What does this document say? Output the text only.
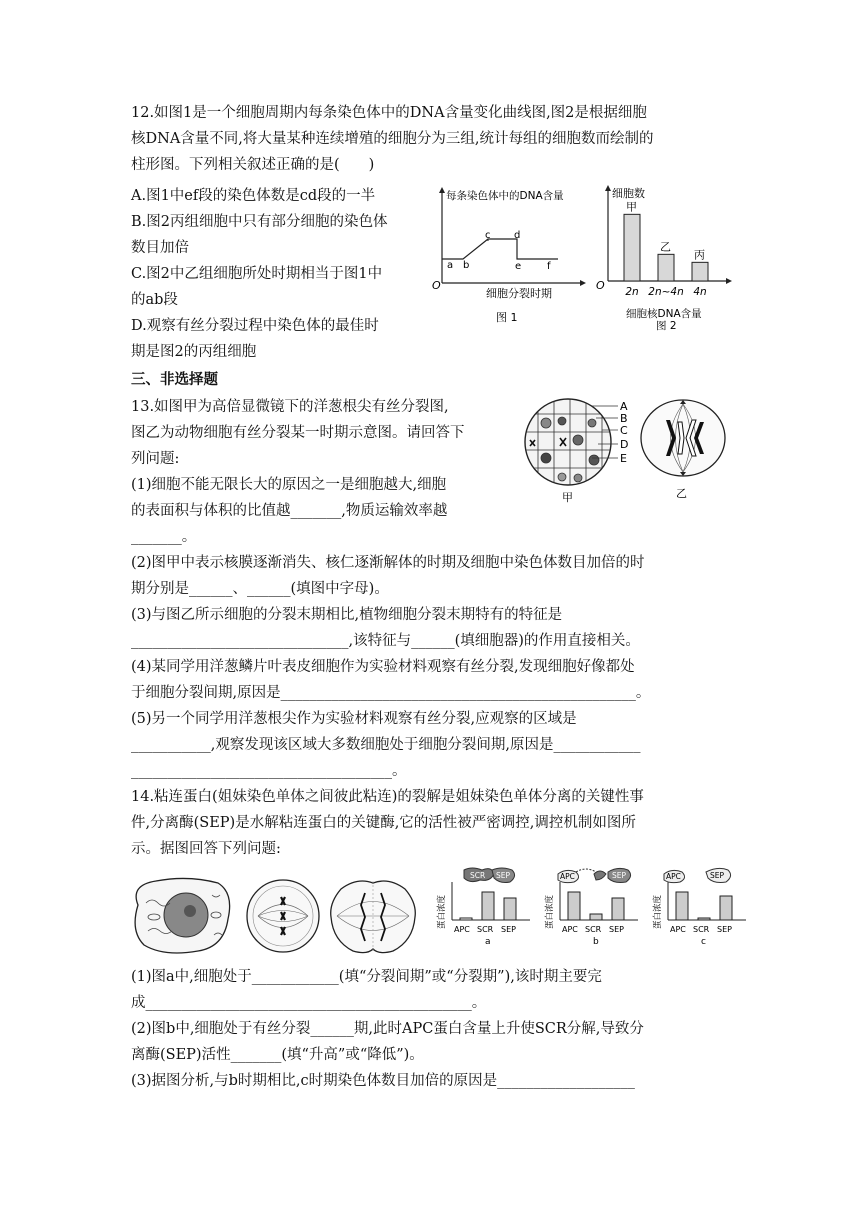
12.如图1是一个细胞周期内每条染色体中的DNA含量变化曲线图,图2是根据细胞
核DNA含量不同,将大量某种连续增殖的细胞分为三组,统计每组的细胞数而绘制的
柱形图。下列相关叙述正确的是(　　)
A.图1中ef段的染色体数是cd段的一半
B.图2丙组细胞中只有部分细胞的染色体
数目加倍
C.图2中乙组细胞所处时期相当于图1中
的ab段
D.观察有丝分裂过程中染色体的最佳时
期是图2的丙组细胞
每条染色体中的DNA含量
O
a b
c d
e	f
细胞分裂时期
图 1
细胞数
O
甲
2n
乙
2n~4n
丙
4n
细胞核DNA含量
图 2
三、非选择题
13.如图甲为高倍显微镜下的洋葱根尖有丝分裂图,
图乙为动物细胞有丝分裂某一时期示意图。请回答下
列问题:
(1)细胞不能无限长大的原因之一是细胞越大,细胞
的表面积与体积的比值越_______,物质运输效率越
_______。
A
B
C
D
E
甲	乙
(2)图甲中表示核膜逐渐消失、核仁逐渐解体的时期及细胞中染色体数目加倍的时
期分别是______、______(填图中字母)。
(3)与图乙所示细胞的分裂末期相比,植物细胞分裂末期特有的特征是
______________________________,该特征与______(填细胞器)的作用直接相关。
(4)某同学用洋葱鳞片叶表皮细胞作为实验材料观察有丝分裂,发现细胞好像都处
于细胞分裂间期,原因是_________________________________________________。
(5)另一个同学用洋葱根尖作为实验材料观察有丝分裂,应观察的区域是
___________,观察发现该区域大多数细胞处于细胞分裂间期,原因是____________
____________________________________。
14.粘连蛋白(姐妹染色单体之间彼此粘连)的裂解是姐妹染色单体分离的关键性事
件,分离酶(SEP)是水解粘连蛋白的关键酶,它的活性被严密调控,调控机制如图所
示。据图回答下列问题:
蛋白浓度
SCR SEP
APC SCR SEP
a
蛋白浓度
APC	SEP
APC SCR SEP
b
蛋白浓度
APC	SEP
APC SCR SEP
c
(1)图a中,细胞处于____________(填“分裂间期”或“分裂期”),该时期主要完
成_____________________________________________。
(2)图b中,细胞处于有丝分裂______期,此时APC蛋白含量上升使SCR分解,导致分
离酶(SEP)活性_______(填“升高”或“降低”)。
(3)据图分析,与b时期相比,c时期染色体数目加倍的原因是___________________
